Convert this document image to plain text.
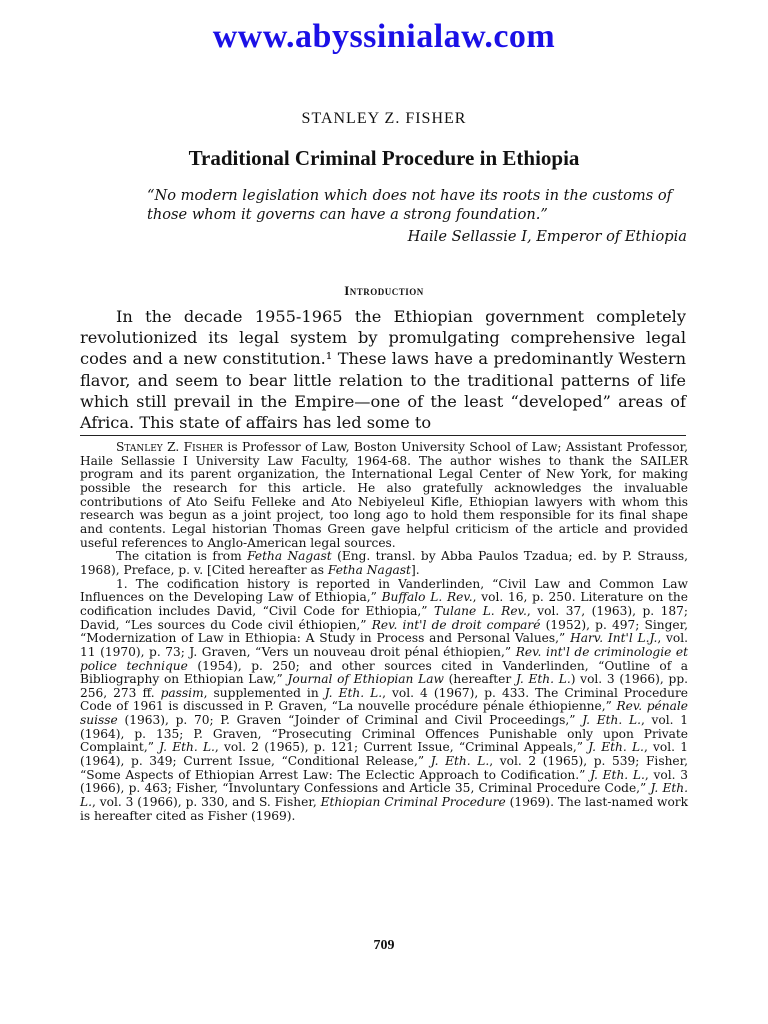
www.abyssinialaw.com
STANLEY Z. FISHER
Traditional Criminal Procedure in Ethiopia
“No modern legislation which does not have its roots in the customs of those whom it governs can have a strong foundation.”
Haile Sellassie I, Emperor of Ethiopia
Introduction

In the decade 1955-1965 the Ethiopian government completely revolutionized its legal system by promulgating comprehensive legal codes and a new constitution.¹ These laws have a predominantly Western flavor, and seem to bear little relation to the traditional patterns of life which still prevail in the Empire—one of the least “developed” areas of Africa. This state of affairs has led some to

Stanley Z. Fisher is Professor of Law, Boston University School of Law; Assistant Professor, Haile Sellassie I University Law Faculty, 1964-68. The author wishes to thank the SAILER program and its parent organization, the International Legal Center of New York, for making possible the research for this article. He also gratefully acknowledges the invaluable contributions of Ato Seifu Felleke and Ato Nebiyeleul Kifle, Ethiopian lawyers with whom this research was begun as a joint project, too long ago to hold them responsible for its final shape and contents. Legal historian Thomas Green gave helpful criticism of the article and provided useful references to Anglo-American legal sources.

The citation is from Fetha Nagast (Eng. transl. by Abba Paulos Tzadua; ed. by P. Strauss, 1968), Preface, p. v. [Cited hereafter as Fetha Nagast].

1. The codification history is reported in Vanderlinden, “Civil Law and Common Law Influences on the Developing Law of Ethiopia,” Buffalo L. Rev., vol. 16, p. 250. Literature on the codification includes David, “Civil Code for Ethiopia,” Tulane L. Rev., vol. 37, (1963), p. 187; David, “Les sources du Code civil éthiopien,” Rev. int'l de droit comparé (1952), p. 497; Singer, “Modernization of Law in Ethiopia: A Study in Process and Personal Values,” Harv. Int'l L.J., vol. 11 (1970), p. 73; J. Graven, “Vers un nouveau droit pénal éthiopien,” Rev. int'l de criminologie et police technique (1954), p. 250; and other sources cited in Vanderlinden, “Outline of a Bibliography on Ethiopian Law,” Journal of Ethiopian Law (hereafter J. Eth. L.) vol. 3 (1966), pp. 256, 273 ff. passim, supplemented in J. Eth. L., vol. 4 (1967), p. 433. The Criminal Procedure Code of 1961 is discussed in P. Graven, “La nouvelle procédure pénale éthiopienne,” Rev. pénale suisse (1963), p. 70; P. Graven “Joinder of Criminal and Civil Proceedings,” J. Eth. L., vol. 1 (1964), p. 135; P. Graven, “Prosecuting Criminal Offences Punishable only upon Private Complaint,” J. Eth. L., vol. 2 (1965), p. 121; Current Issue, “Criminal Appeals,” J. Eth. L., vol. 1 (1964), p. 349; Current Issue, “Conditional Release,” J. Eth. L., vol. 2 (1965), p. 539; Fisher, “Some Aspects of Ethiopian Arrest Law: The Eclectic Approach to Codification.” J. Eth. L., vol. 3 (1966), p. 463; Fisher, “Involuntary Confessions and Article 35, Criminal Procedure Code,” J. Eth. L., vol. 3 (1966), p. 330, and S. Fisher, Ethiopian Criminal Procedure (1969). The last-named work is hereafter cited as Fisher (1969).

709
